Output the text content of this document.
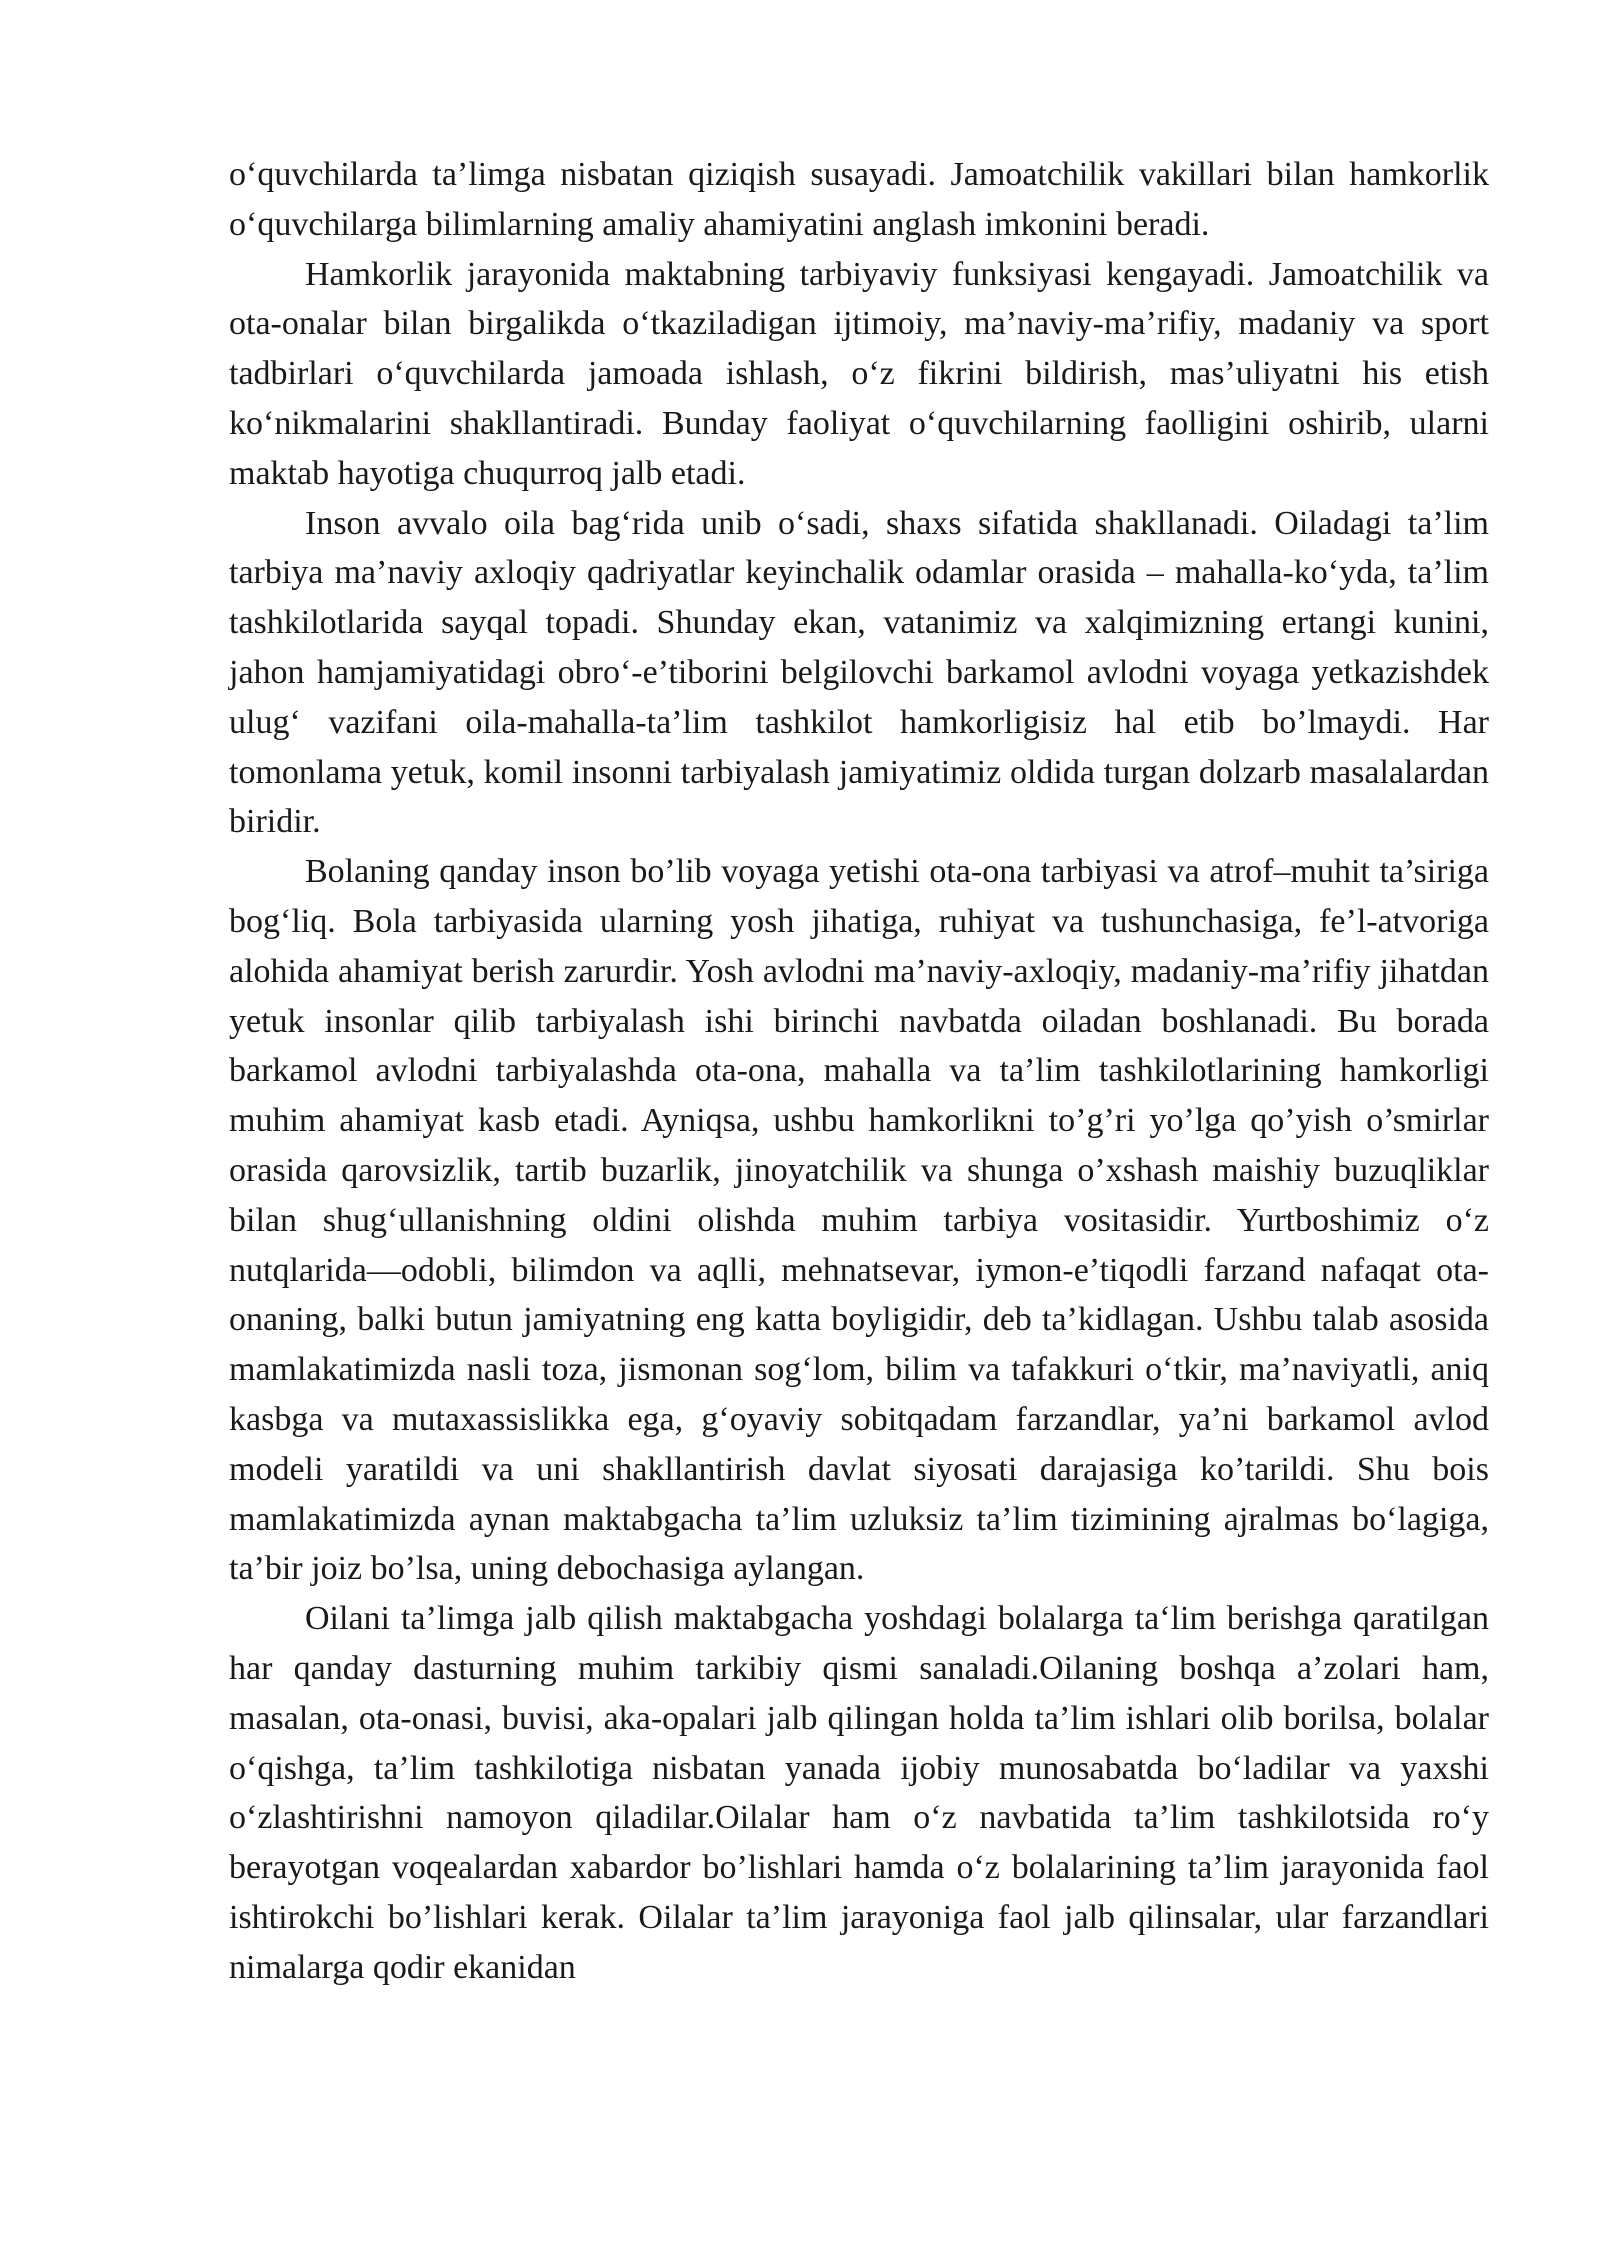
o‘quvchilarda ta’limga nisbatan qiziqish susayadi. Jamoatchilik vakillari bilan hamkorlik o‘quvchilarga bilimlarning amaliy ahamiyatini anglash imkonini beradi.

Hamkorlik jarayonida maktabning tarbiyaviy funksiyasi kengayadi. Jamoatchilik va ota-onalar bilan birgalikda o‘tkaziladigan ijtimoiy, ma’naviy-ma’rifiy, madaniy va sport tadbirlari o‘quvchilarda jamoada ishlash, o‘z fikrini bildirish, mas’uliyatni his etish ko‘nikmalarini shakllantiradi. Bunday faoliyat o‘quvchilarning faolligini oshirib, ularni maktab hayotiga chuqurroq jalb etadi.

Inson avvalo oila bag‘rida unib o‘sadi, shaxs sifatida shakllanadi. Oiladagi ta’lim tarbiya ma’naviy axloqiy qadriyatlar keyinchalik odamlar orasida – mahalla-ko‘yda, ta’lim tashkilotlarida sayqal topadi. Shunday ekan, vatanimiz va xalqimizning ertangi kunini, jahon hamjamiyatidagi obro‘-e’tiborini belgilovchi barkamol avlodni voyaga yetkazishdek ulug‘ vazifani oila-mahalla-ta’lim tashkilot hamkorligisiz hal etib bo’lmaydi. Har tomonlama yetuk, komil insonni tarbiyalash jamiyatimiz oldida turgan dolzarb masalalardan biridir.

Bolaning qanday inson bo’lib voyaga yetishi ota-ona tarbiyasi va atrof–muhit ta’siriga bog‘liq. Bola tarbiyasida ularning yosh jihatiga, ruhiyat va tushunchasiga, fe’l-atvoriga alohida ahamiyat berish zarurdir. Yosh avlodni ma’naviy-axloqiy, madaniy-ma’rifiy jihatdan yetuk insonlar qilib tarbiyalash ishi birinchi navbatda oiladan boshlanadi. Bu borada barkamol avlodni tarbiyalashda ota-ona, mahalla va ta’lim tashkilotlarining hamkorligi muhim ahamiyat kasb etadi. Ayniqsa, ushbu hamkorlikni to’g’ri yo’lga qo’yish o’smirlar orasida qarovsizlik, tartib buzarlik, jinoyatchilik va shunga o’xshash maishiy buzuqliklar bilan shug‘ullanishning oldini olishda muhim tarbiya vositasidir. Yurtboshimiz o‘z nutqlarida—odobli, bilimdon va aqlli, mehnatsevar, iymon-e’tiqodli farzand nafaqat ota-onaning, balki butun jamiyatning eng katta boyligidir, deb ta’kidlagan. Ushbu talab asosida mamlakatimizda nasli toza, jismonan sog‘lom, bilim va tafakkuri o‘tkir, ma’naviyatli, aniq kasbga va mutaxassislikka ega, g‘oyaviy sobitqadam farzandlar, ya’ni barkamol avlod modeli yaratildi va uni shakllantirish davlat siyosati darajasiga ko’tarildi. Shu bois mamlakatimizda aynan maktabgacha ta’lim uzluksiz ta’lim tizimining ajralmas bo‘lagiga, ta’bir joiz bo’lsa, uning debochasiga aylangan.

Oilani ta’limga jalb qilish maktabgacha yoshdagi bolalarga ta‘lim berishga qaratilgan har qanday dasturning muhim tarkibiy qismi sanaladi.Oilaning boshqa a’zolari ham, masalan, ota-onasi, buvisi, aka-opalari jalb qilingan holda ta’lim ishlari olib borilsa, bolalar o‘qishga, ta’lim tashkilotiga nisbatan yanada ijobiy munosabatda bo‘ladilar va yaxshi o‘zlashtirishni namoyon qiladilar.Oilalar ham o‘z navbatida ta’lim tashkilotsida ro‘y berayotgan voqealardan xabardor bo’lishlari hamda o‘z bolalarining ta’lim jarayonida faol ishtirokchi bo’lishlari kerak. Oilalar ta’lim jarayoniga faol jalb qilinsalar, ular farzandlari nimalarga qodir ekanidan
